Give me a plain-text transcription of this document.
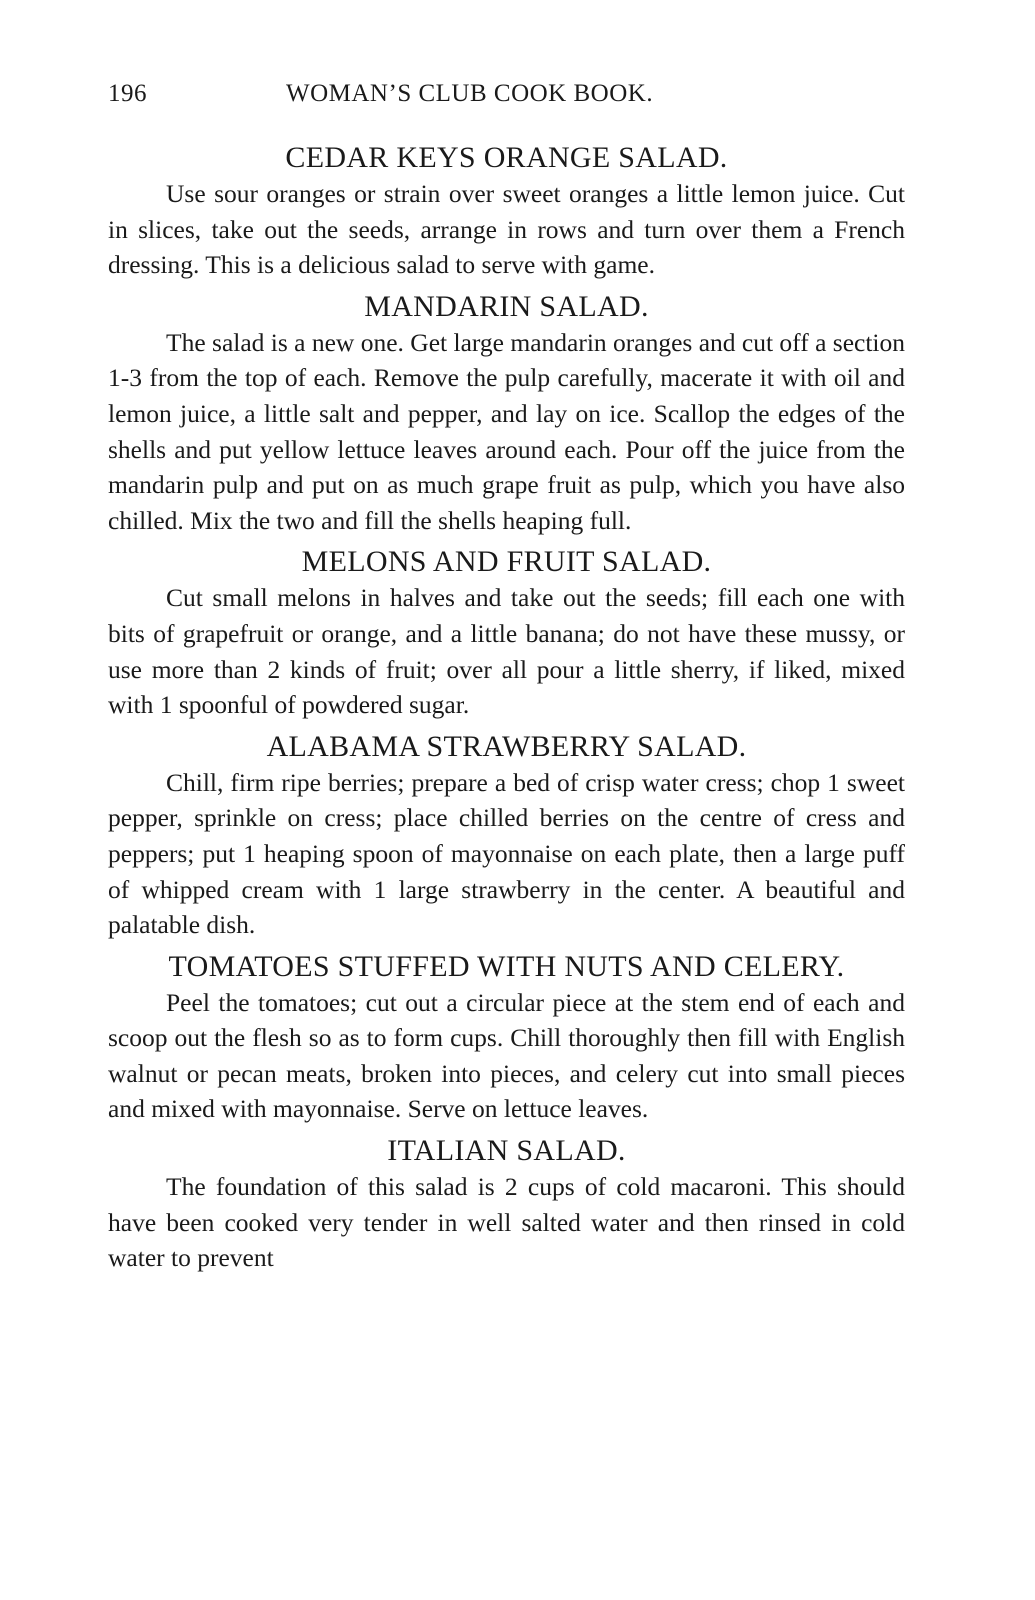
196	WOMAN’S CLUB COOK BOOK.
CEDAR KEYS ORANGE SALAD.

Use sour oranges or strain over sweet oranges a little lemon juice. Cut in slices, take out the seeds, arrange in rows and turn over them a French dressing. This is a delicious salad to serve with game.

MANDARIN SALAD.

The salad is a new one. Get large mandarin oranges and cut off a section 1-3 from the top of each. Remove the pulp carefully, macerate it with oil and lemon juice, a little salt and pepper, and lay on ice. Scallop the edges of the shells and put yellow lettuce leaves around each. Pour off the juice from the mandarin pulp and put on as much grape fruit as pulp, which you have also chilled. Mix the two and fill the shells heaping full.

MELONS AND FRUIT SALAD.

Cut small melons in halves and take out the seeds; fill each one with bits of grapefruit or orange, and a little banana; do not have these mussy, or use more than 2 kinds of fruit; over all pour a little sherry, if liked, mixed with 1 spoonful of powdered sugar.

ALABAMA STRAWBERRY SALAD.

Chill, firm ripe berries; prepare a bed of crisp water cress; chop 1 sweet pepper, sprinkle on cress; place chilled berries on the centre of cress and peppers; put 1 heaping spoon of mayonnaise on each plate, then a large puff of whipped cream with 1 large strawberry in the center. A beautiful and palatable dish.

TOMATOES STUFFED WITH NUTS AND CELERY.

Peel the tomatoes; cut out a circular piece at the stem end of each and scoop out the flesh so as to form cups. Chill thoroughly then fill with English walnut or pecan meats, broken into pieces, and celery cut into small pieces and mixed with mayonnaise. Serve on lettuce leaves.

ITALIAN SALAD.

The foundation of this salad is 2 cups of cold macaroni. This should have been cooked very tender in well salted water and then rinsed in cold water to prevent
